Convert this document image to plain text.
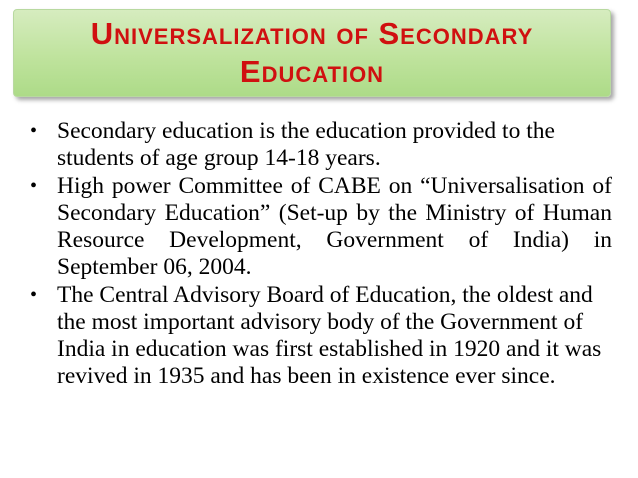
Universalization of Secondary Education
• Secondary education is the education provided to the students of age group 14-18 years.
• High power Committee of CABE on “Universalisation of Secondary Education” (Set-up by the Ministry of Human Resource Development, Government of India) in September 06, 2004.
• The Central Advisory Board of Education, the oldest and the most important advisory body of the Government of India in education was first established in 1920 and it was revived in 1935 and has been in existence ever since.
